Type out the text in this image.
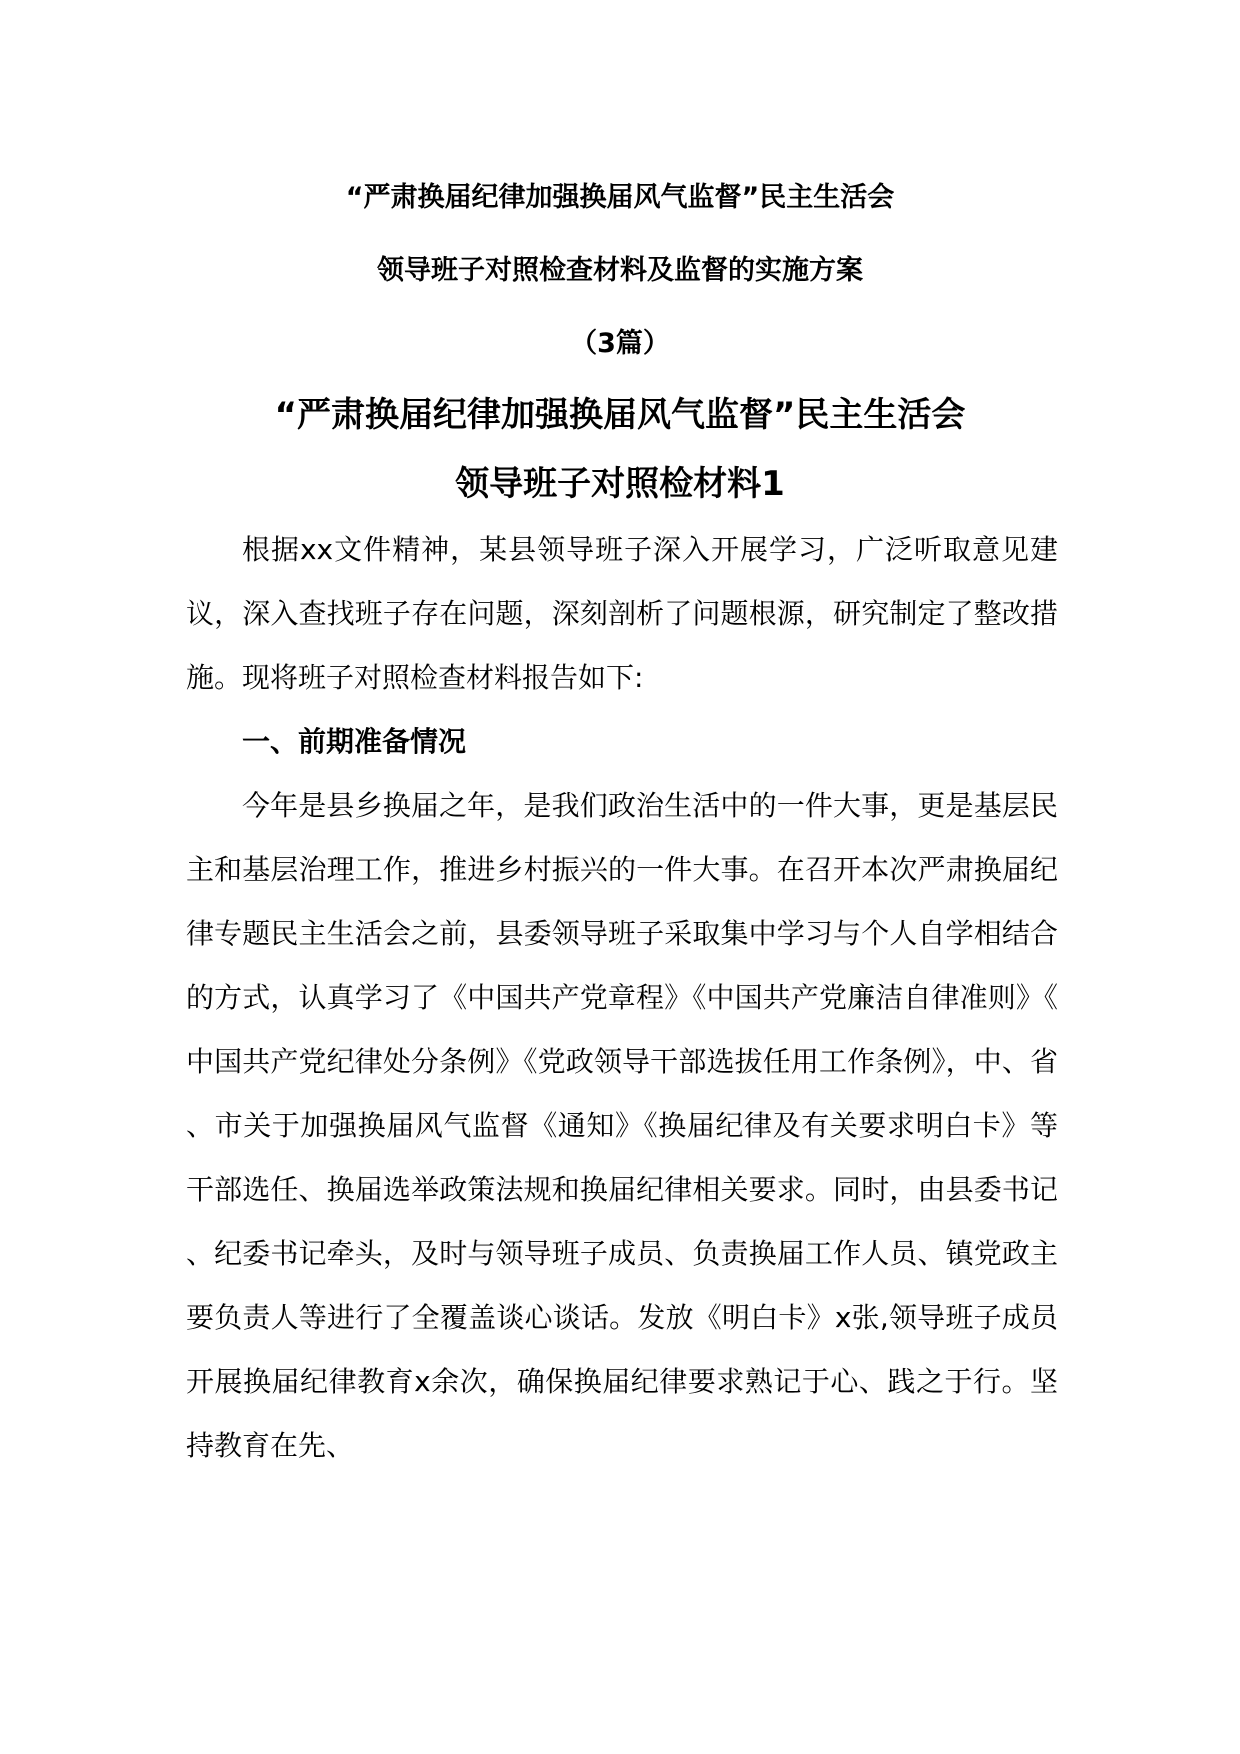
“严肃换届纪律加强换届风气监督”民主生活会
领导班子对照检查材料及监督的实施方案
（3篇）
“严肃换届纪律加强换届风气监督”民主生活会
领导班子对照检材料1

根据xx文件精神，某县领导班子深入开展学习，广泛听取意见建议，深入查找班子存在问题，深刻剖析了问题根源，研究制定了整改措施。现将班子对照检查材料报告如下:

一、前期准备情况

今年是县乡换届之年，是我们政治生活中的一件大事，更是基层民主和基层治理工作，推进乡村振兴的一件大事。在召开本次严肃换届纪律专题民主生活会之前，县委领导班子采取集中学习与个人自学相结合的方式，认真学习了《中国共产党章程》《中国共产党廉洁自律准则》《中国共产党纪律处分条例》《党政领导干部选拔任用工作条例》，中、省、市关于加强换届风气监督《通知》《换届纪律及有关要求明白卡》等干部选任、换届选举政策法规和换届纪律相关要求。同时，由县委书记、纪委书记牵头，及时与领导班子成员、负责换届工作人员、镇党政主要负责人等进行了全覆盖谈心谈话。发放《明白卡》x张,领导班子成员开展换届纪律教育x余次，确保换届纪律要求熟记于心、践之于行。坚持教育在先、
